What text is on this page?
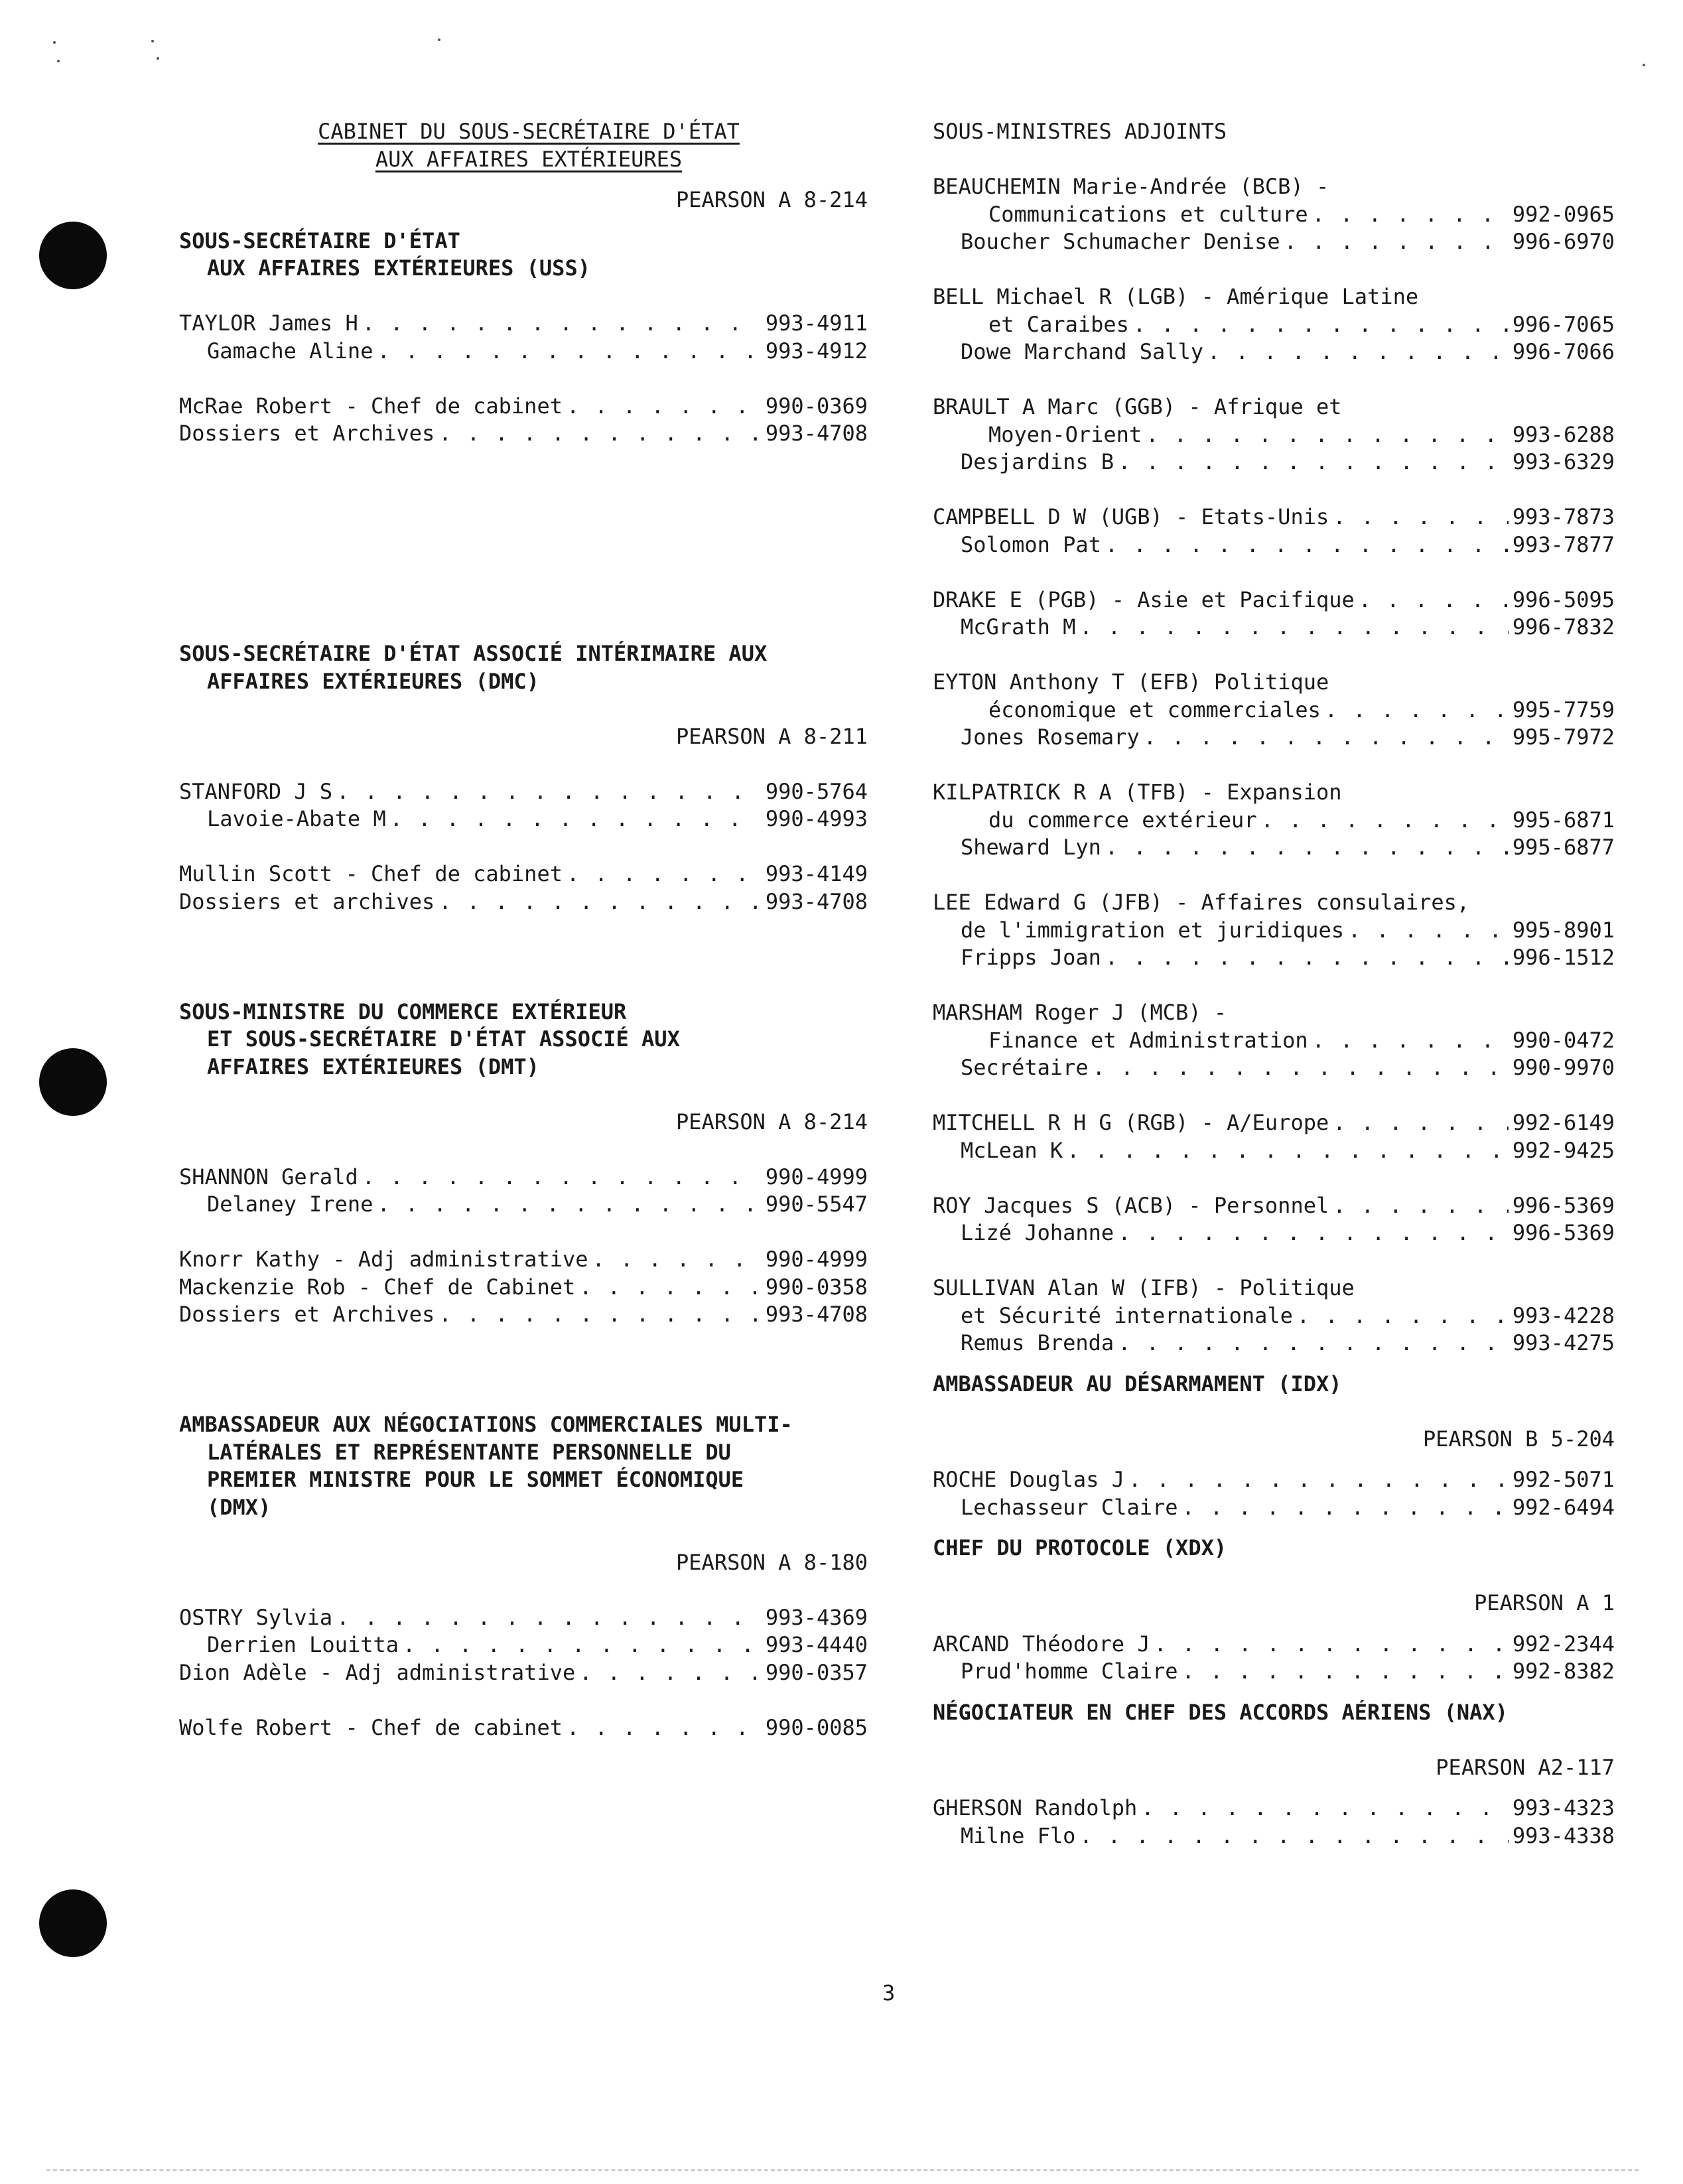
CABINET DU SOUS-SECRÉTAIRE D'ÉTAT
AUX AFFAIRES EXTÉRIEURES
PEARSON A 8-214
SOUS-SECRÉTAIRE D'ÉTAT
AUX AFFAIRES EXTÉRIEURES (USS)
TAYLOR James H . . .	993-4911
Gamache Aline . . .	993-4912
McRae Robert - Chef de cabinet . . .	990-0369
Dossiers et Archives . . .	993-4708
SOUS-SECRÉTAIRE D'ÉTAT ASSOCIÉ INTÉRIMAIRE AUX
AFFAIRES EXTÉRIEURES (DMC)
PEARSON A 8-211
STANFORD J S . . .	990-5764
Lavoie-Abate M . . .	990-4993
Mullin Scott - Chef de cabinet . . .	993-4149
Dossiers et archives . . .	993-4708
SOUS-MINISTRE DU COMMERCE EXTÉRIEUR
ET SOUS-SECRÉTAIRE D'ÉTAT ASSOCIÉ AUX
AFFAIRES EXTÉRIEURES (DMT)
PEARSON A 8-214
SHANNON Gerald . . .	990-4999
Delaney Irene . . .	990-5547
Knorr Kathy - Adj administrative . . .	990-4999
Mackenzie Rob - Chef de Cabinet . . .	990-0358
Dossiers et Archives . . .	993-4708
AMBASSADEUR AUX NÉGOCIATIONS COMMERCIALES MULTI-
LATÉRALES ET REPRÉSENTANTE PERSONNELLE DU
PREMIER MINISTRE POUR LE SOMMET ÉCONOMIQUE
(DMX)
PEARSON A 8-180
OSTRY Sylvia . . .	993-4369
Derrien Louitta . . .	993-4440
Dion Adèle - Adj administrative . . .	990-0357
Wolfe Robert - Chef de cabinet . . .	990-0085
SOUS-MINISTRES ADJOINTS
BEAUCHEMIN Marie-Andrée (BCB) -
Communications et culture . . .	992-0965
Boucher Schumacher Denise . . .	996-6970
BELL Michael R (LGB) - Amérique Latine
et Caraibes . . .	996-7065
Dowe Marchand Sally . . .	996-7066
BRAULT A Marc (GGB) - Afrique et
Moyen-Orient . . .	993-6288
Desjardins B . . .	993-6329
CAMPBELL D W (UGB) - Etats-Unis . . .	993-7873
Solomon Pat . . .	993-7877
DRAKE E (PGB) - Asie et Pacifique . . .	996-5095
McGrath M . . .	996-7832
EYTON Anthony T (EFB) Politique
économique et commerciales . . .	995-7759
Jones Rosemary . . .	995-7972
KILPATRICK R A (TFB) - Expansion
du commerce extérieur . . .	995-6871
Sheward Lyn . . .	995-6877
LEE Edward G (JFB) - Affaires consulaires,
de l'immigration et juridiques . . .	995-8901
Fripps Joan . . .	996-1512
MARSHAM Roger J (MCB) -
Finance et Administration . . .	990-0472
Secrétaire . . .	990-9970
MITCHELL R H G (RGB) - A/Europe . . .	992-6149
McLean K . . .	992-9425
ROY Jacques S (ACB) - Personnel . . .	996-5369
Lizé Johanne . . .	996-5369
SULLIVAN Alan W (IFB) - Politique
et Sécurité internationale . . .	993-4228
Remus Brenda . . .	993-4275
AMBASSADEUR AU DÉSARMAMENT (IDX)
PEARSON B 5-204
ROCHE Douglas J . . .	992-5071
Lechasseur Claire . . .	992-6494
CHEF DU PROTOCOLE (XDX)
PEARSON A 1
ARCAND Théodore J . . .	992-2344
Prud'homme Claire . . .	992-8382
NÉGOCIATEUR EN CHEF DES ACCORDS AÉRIENS (NAX)
PEARSON A2-117
GHERSON Randolph . . .	993-4323
Milne Flo . . .	993-4338
3
